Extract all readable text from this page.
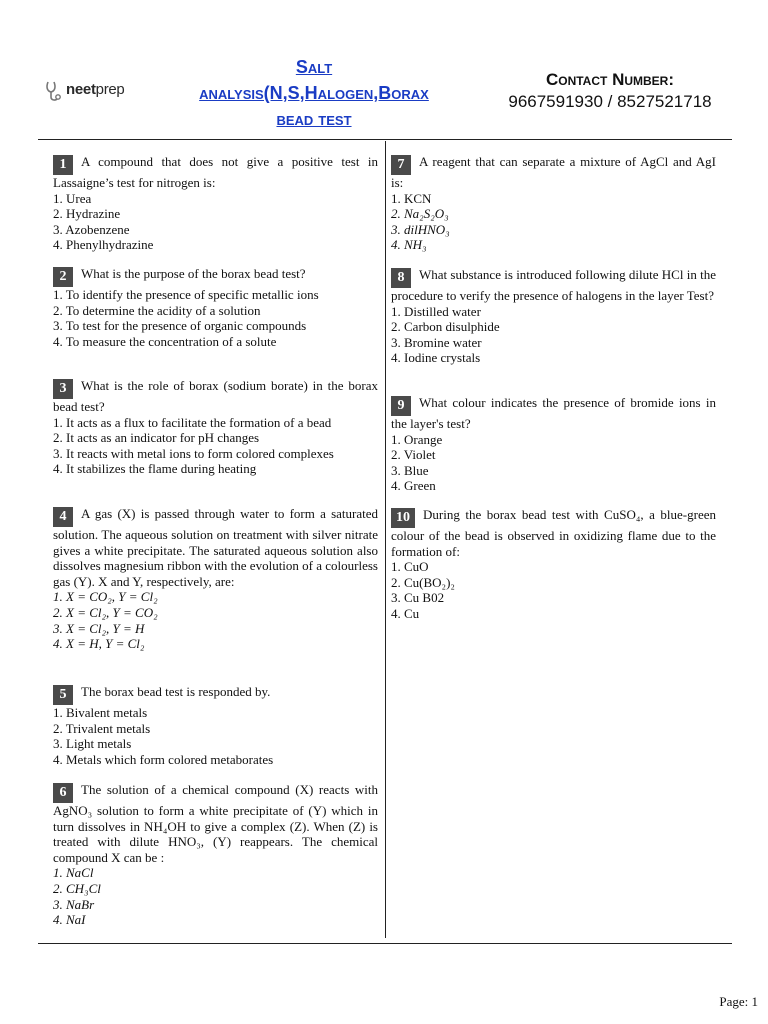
neetprep
Salt
analysis(N,S,Halogen,Borax
bead test
Contact Number:
9667591930 / 8527521718
1 A compound that does not give a positive test in Lassaigne’s test for nitrogen is:
1. Urea
2. Hydrazine
3. Azobenzene
4. Phenylhydrazine
2 What is the purpose of the borax bead test?
1. To identify the presence of specific metallic ions
2. To determine the acidity of a solution
3. To test for the presence of organic compounds
4. To measure the concentration of a solute
3 What is the role of borax (sodium borate) in the borax bead test?
1. It acts as a flux to facilitate the formation of a bead
2. It acts as an indicator for pH changes
3. It reacts with metal ions to form colored complexes
4. It stabilizes the flame during heating
4 A gas (X) is passed through water to form a saturated solution. The aqueous solution on treatment with silver nitrate gives a white precipitate. The saturated aqueous solution also dissolves magnesium ribbon with the evolution of a colourless gas (Y). X and Y, respectively, are:
1. X = CO₂, Y = Cl₂
2. X = Cl₂, Y = CO₂
3. X = Cl₂, Y = H
4. X = H, Y = Cl₂
5 The borax bead test is responded by.
1. Bivalent metals
2. Trivalent metals
3. Light metals
4. Metals which form colored metaborates
6 The solution of a chemical compound (X) reacts with AgNO₃ solution to form a white precipitate of (Y) which in turn dissolves in NH₄OH to give a complex (Z). When (Z) is treated with dilute HNO₃, (Y) reappears. The chemical compound X can be :
1. NaCl
2. CH₃Cl
3. NaBr
4. NaI
7 A reagent that can separate a mixture of AgCl and AgI is:
1. KCN
2. Na₂S₂O₃
3. dilHNO₃
4. NH₃
8 What substance is introduced following dilute HCl in the procedure to verify the presence of halogens in the layer Test?
1. Distilled water
2. Carbon disulphide
3. Bromine water
4. Iodine crystals
9 What colour indicates the presence of bromide ions in the layer's test?
1. Orange
2. Violet
3. Blue
4. Green
10 During the borax bead test with CuSO₄, a blue-green colour of the bead is observed in oxidizing flame due to the formation of:
1. CuO
2. Cu(BO₂)₂
3. Cu B02
4. Cu
Page: 1
